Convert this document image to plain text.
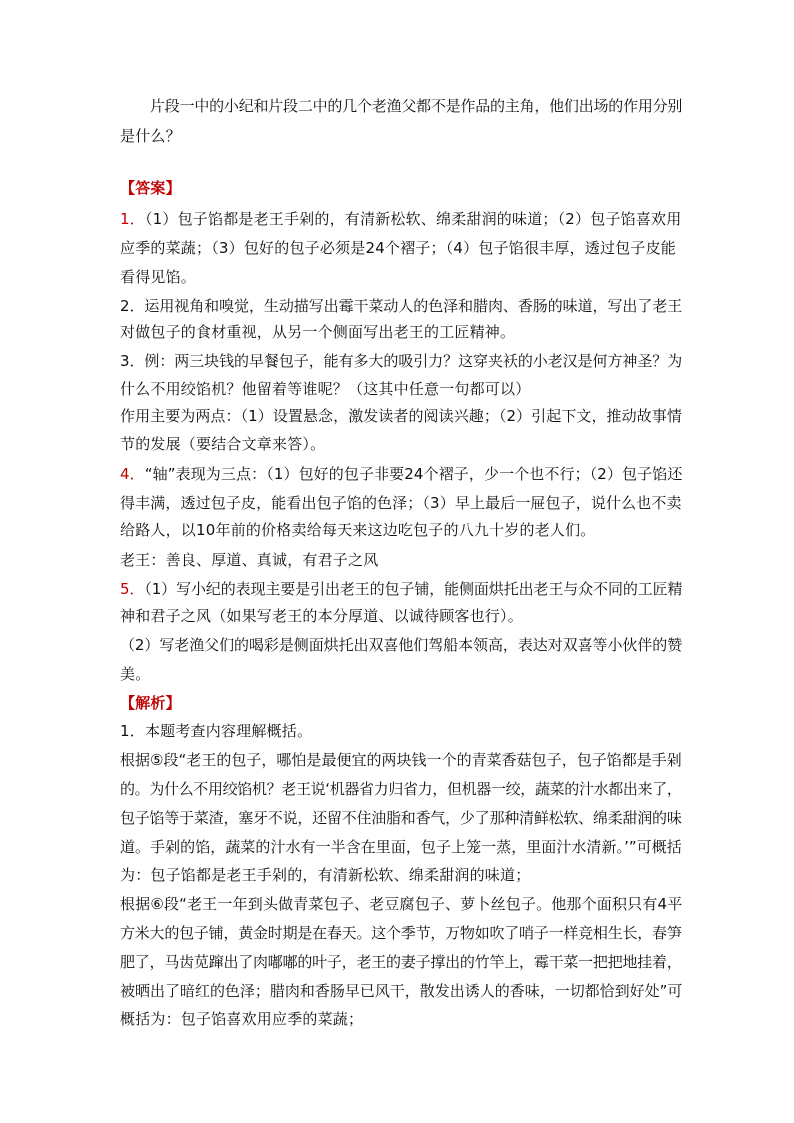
片段一中的小纪和片段二中的几个老渔父都不是作品的主角，他们出场的作用分别
是什么？
【答案】
1．（1）包子馅都是老王手剁的，有清新松软、绵柔甜润的味道；（2）包子馅喜欢用
应季的菜蔬；（3）包好的包子必须是24个褶子；（4）包子馅很丰厚，透过包子皮能
看得见馅。
2．运用视角和嗅觉，生动描写出霉干菜动人的色泽和腊肉、香肠的味道，写出了老王
对做包子的食材重视，从另一个侧面写出老王的工匠精神。
3．例：两三块钱的早餐包子，能有多大的吸引力？这穿夹袄的小老汉是何方神圣？为
什么不用绞馅机？他留着等谁呢？（这其中任意一句都可以）
作用主要为两点：（1）设置悬念，激发读者的阅读兴趣；（2）引起下文，推动故事情
节的发展（要结合文章来答）。
4．“轴”表现为三点：（1）包好的包子非要24个褶子，少一个也不行；（2）包子馅还
得丰满，透过包子皮，能看出包子馅的色泽；（3）早上最后一屉包子，说什么也不卖
给路人，以10年前的价格卖给每天来这边吃包子的八九十岁的老人们。
老王：善良、厚道、真诚，有君子之风
5．（1）写小纪的表现主要是引出老王的包子铺，能侧面烘托出老王与众不同的工匠精
神和君子之风（如果写老王的本分厚道、以诚待顾客也行）。
（2）写老渔父们的喝彩是侧面烘托出双喜他们驾船本领高，表达对双喜等小伙伴的赞
美。
【解析】
1．本题考查内容理解概括。
根据⑤段“老王的包子，哪怕是最便宜的两块钱一个的青菜香菇包子，包子馅都是手剁
的。为什么不用绞馅机？老王说‘机器省力归省力，但机器一绞，蔬菜的汁水都出来了，
包子馅等于菜渣，塞牙不说，还留不住油脂和香气，少了那种清鲜松软、绵柔甜润的味
道。手剁的馅，蔬菜的汁水有一半含在里面，包子上笼一蒸，里面汁水清新。’”可概括
为：包子馅都是老王手剁的，有清新松软、绵柔甜润的味道；
根据⑥段“老王一年到头做青菜包子、老豆腐包子、萝卜丝包子。他那个面积只有4平
方米大的包子铺，黄金时期是在春天。这个季节，万物如吹了哨子一样竞相生长，春笋
肥了，马齿苋蹿出了肉嘟嘟的叶子，老王的妻子撑出的竹竿上，霉干菜一把把地挂着，
被晒出了暗红的色泽；腊肉和香肠早已风干，散发出诱人的香味，一切都恰到好处”可
概括为：包子馅喜欢用应季的菜蔬；
